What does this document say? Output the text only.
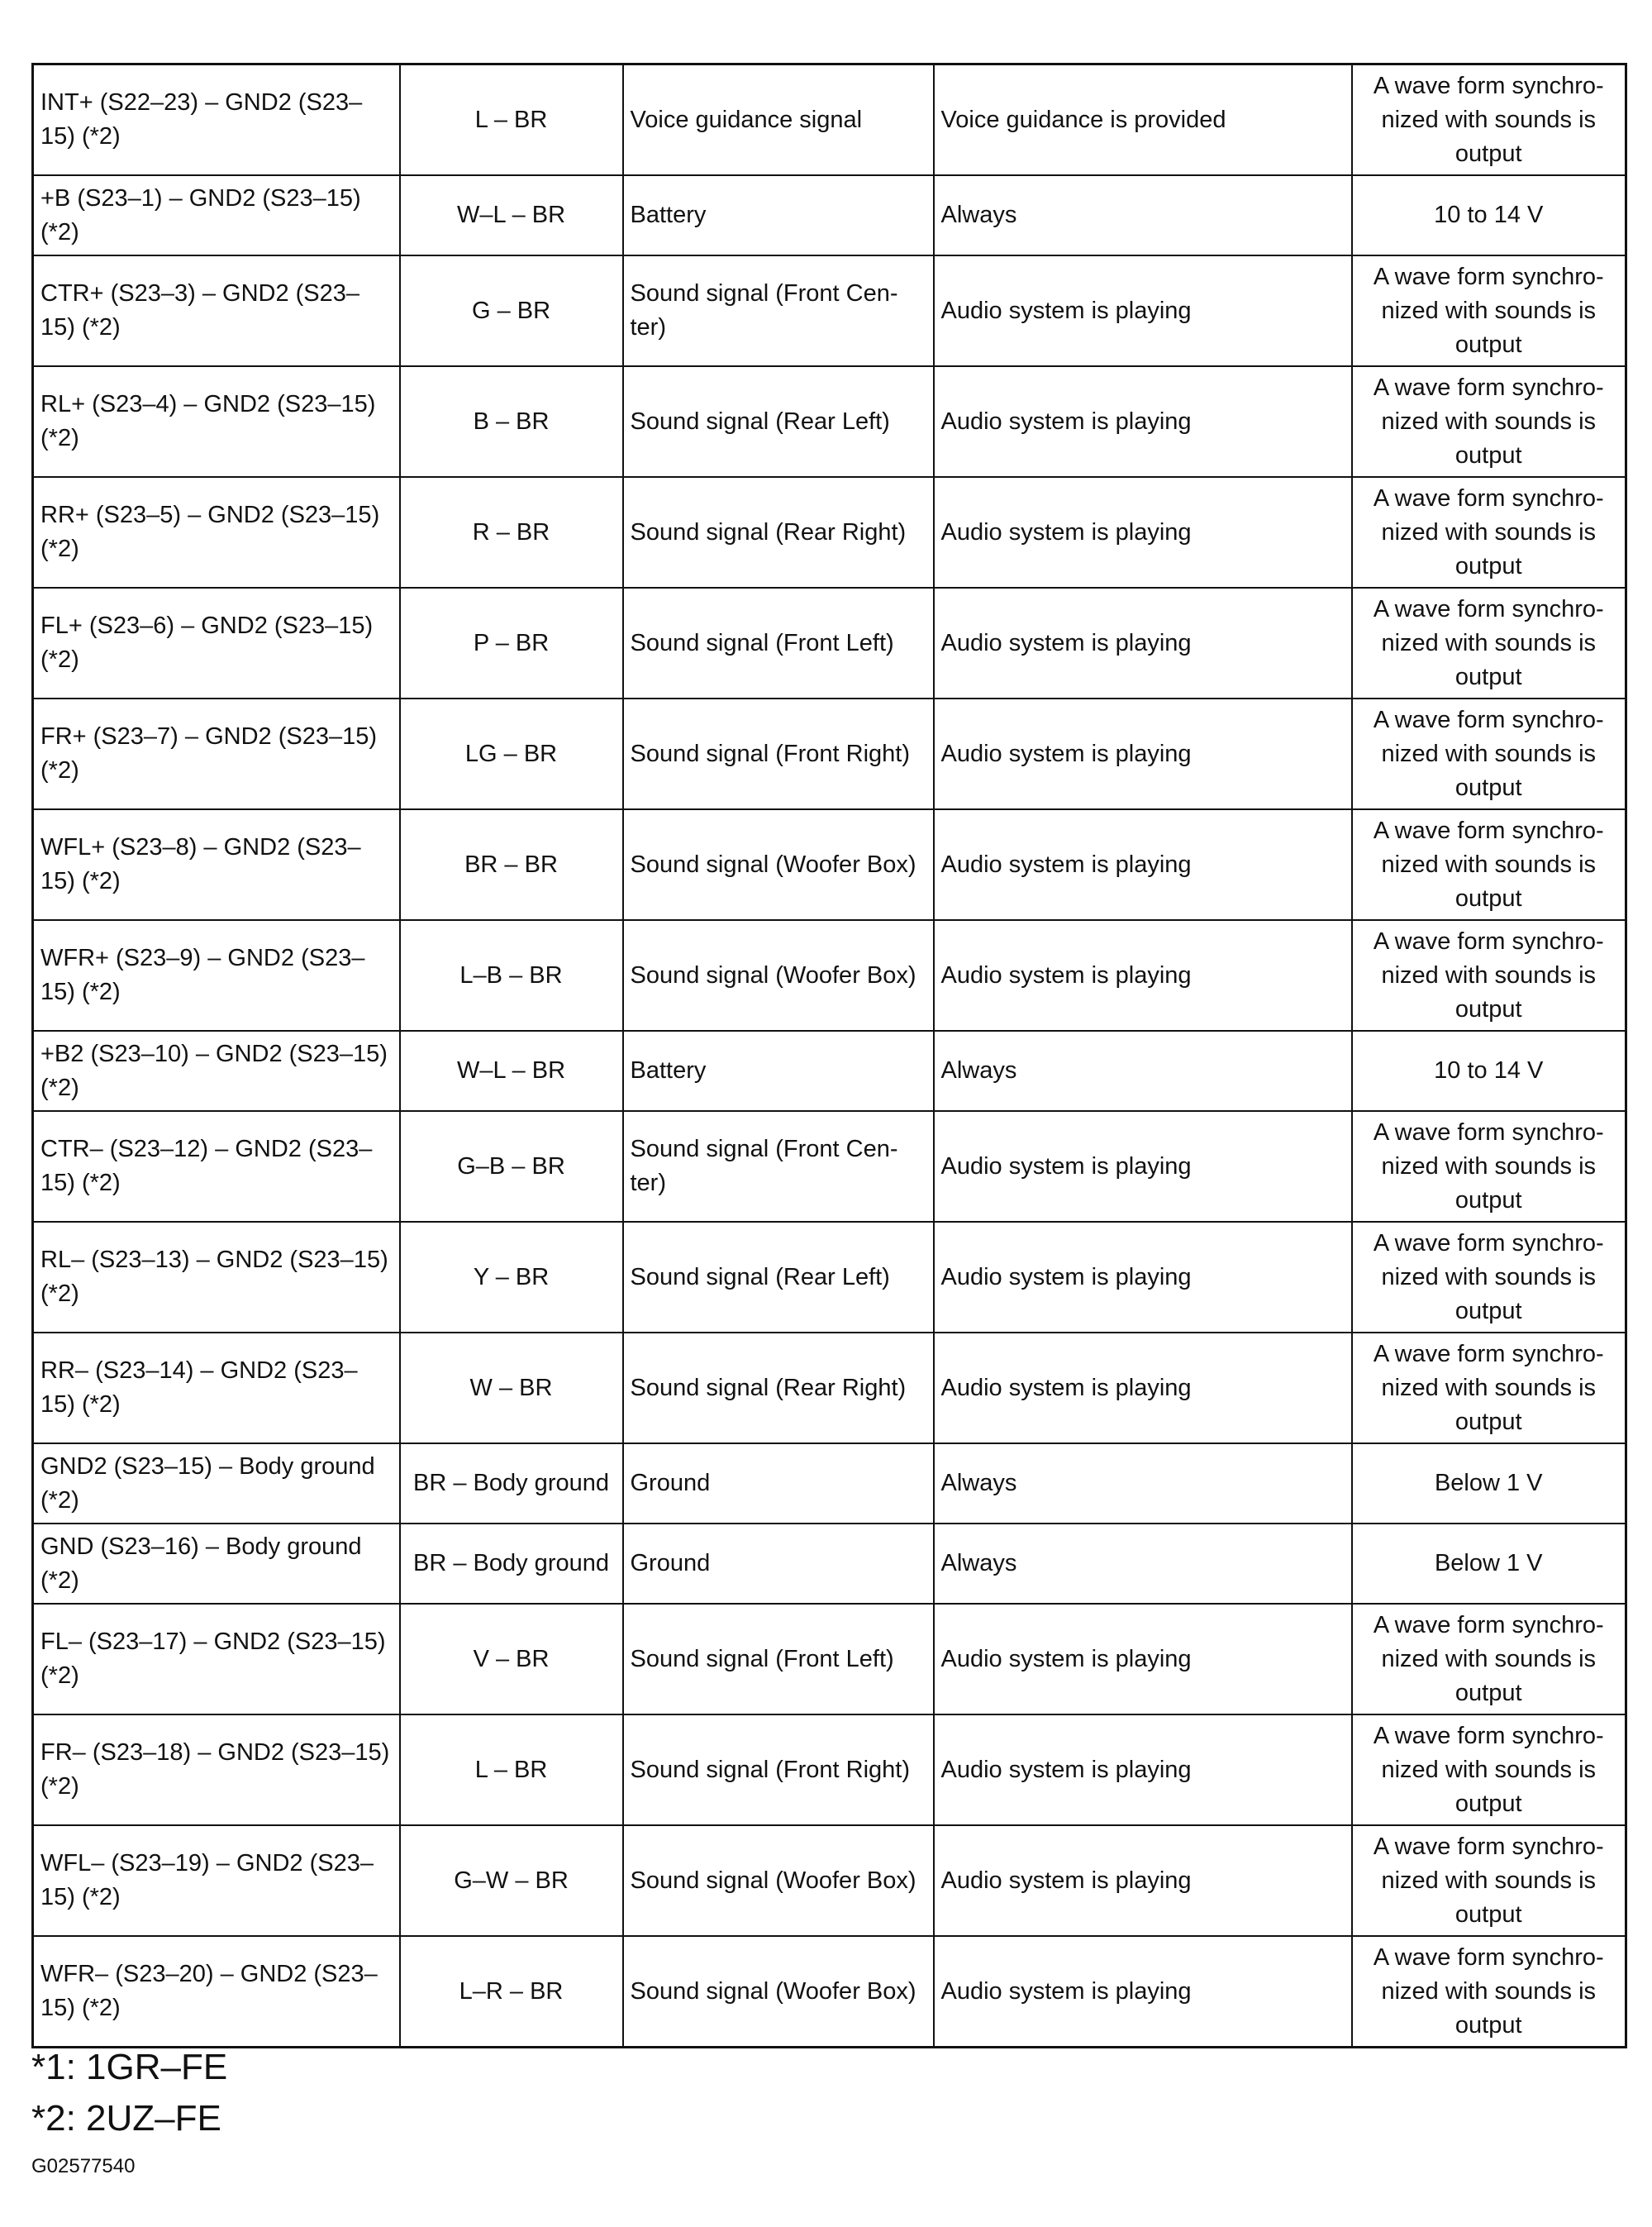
INT+ (S22–23) – GND2 (S23–15) (*2)	L – BR	Voice guidance signal	Voice guidance is provided	A wave form synchro-nized with sounds is output
+B (S23–1) – GND2 (S23–15) (*2)	W–L – BR	Battery	Always	10 to 14 V
CTR+ (S23–3) – GND2 (S23–15) (*2)	G – BR	Sound signal (Front Cen-ter)	Audio system is playing	A wave form synchro-nized with sounds is output
RL+ (S23–4) – GND2 (S23–15) (*2)	B – BR	Sound signal (Rear Left)	Audio system is playing	A wave form synchro-nized with sounds is output
RR+ (S23–5) – GND2 (S23–15) (*2)	R – BR	Sound signal (Rear Right)	Audio system is playing	A wave form synchro-nized with sounds is output
FL+ (S23–6) – GND2 (S23–15) (*2)	P – BR	Sound signal (Front Left)	Audio system is playing	A wave form synchro-nized with sounds is output
FR+ (S23–7) – GND2 (S23–15) (*2)	LG – BR	Sound signal (Front Right)	Audio system is playing	A wave form synchro-nized with sounds is output
WFL+ (S23–8) – GND2 (S23–15) (*2)	BR – BR	Sound signal (Woofer Box)	Audio system is playing	A wave form synchro-nized with sounds is output
WFR+ (S23–9) – GND2 (S23–15) (*2)	L–B – BR	Sound signal (Woofer Box)	Audio system is playing	A wave form synchro-nized with sounds is output
+B2 (S23–10) – GND2 (S23–15) (*2)	W–L – BR	Battery	Always	10 to 14 V
CTR– (S23–12) – GND2 (S23–15) (*2)	G–B – BR	Sound signal (Front Cen-ter)	Audio system is playing	A wave form synchro-nized with sounds is output
RL– (S23–13) – GND2 (S23–15) (*2)	Y – BR	Sound signal (Rear Left)	Audio system is playing	A wave form synchro-nized with sounds is output
RR– (S23–14) – GND2 (S23–15) (*2)	W – BR	Sound signal (Rear Right)	Audio system is playing	A wave form synchro-nized with sounds is output
GND2 (S23–15) – Body ground (*2)	BR – Body ground	Ground	Always	Below 1 V
GND (S23–16) – Body ground (*2)	BR – Body ground	Ground	Always	Below 1 V
FL– (S23–17) – GND2 (S23–15) (*2)	V – BR	Sound signal (Front Left)	Audio system is playing	A wave form synchro-nized with sounds is output
FR– (S23–18) – GND2 (S23–15) (*2)	L – BR	Sound signal (Front Right)	Audio system is playing	A wave form synchro-nized with sounds is output
WFL– (S23–19) – GND2 (S23–15) (*2)	G–W – BR	Sound signal (Woofer Box)	Audio system is playing	A wave form synchro-nized with sounds is output
WFR– (S23–20) – GND2 (S23–15) (*2)	L–R – BR	Sound signal (Woofer Box)	Audio system is playing	A wave form synchro-nized with sounds is output
*1: 1GR–FE
*2: 2UZ–FE
G02577540
